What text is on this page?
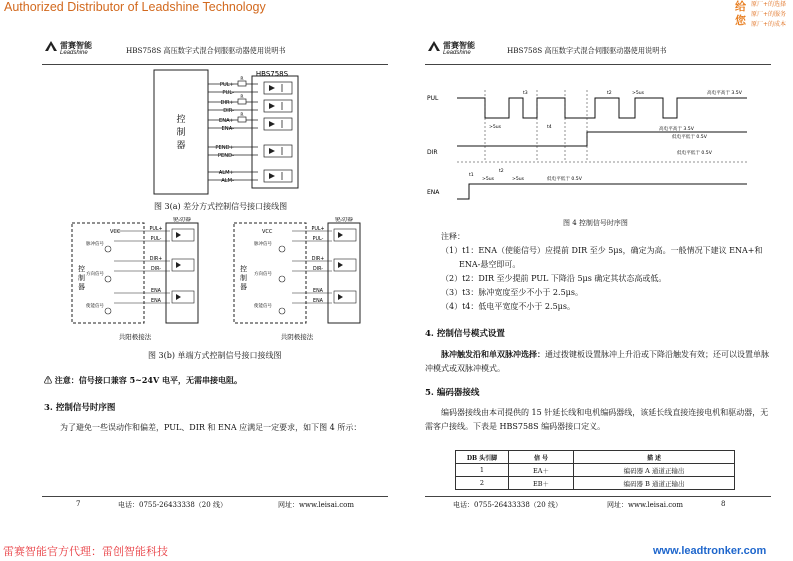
Authorized Distributor of Leadshine Technology	给
您
原厂+的选择
原厂+的服务
原厂+的成本
雷赛智能
Leadshine	HBS758S 高压数字式混合伺服驱动器使用说明书
控制器
HBS758S
PUL+
R
PUL-
DIR+
R
DIR-
ENA+
R
ENA-
PEND+
PEND-
ALM+
ALM-
图 3(a) 差分方式控制信号接口接线图
驱动器
VCC	PUL+
PUL-
DIR+
DIR-
ENA
ENA
脉冲信号
方向信号
使能信号
控制器
共阳极接法
驱动器
VCC	PUL+
PUL-
DIR+
DIR-
ENA
ENA
脉冲信号
方向信号
使能信号
控制器
共阴极接法
图 3(b) 单端方式控制信号接口接线图
⚠ 注意：信号接口兼容 5~24V 电平，无需串接电阻。
3. 控制信号时序图
为了避免一些误动作和偏差，PUL、DIR 和 ENA 应满足一定要求，如下图 4 所示：
7	电话：0755-26433338（20 线）	网址：www.leisai.com
雷赛智能
Leadshine	HBS758S 高压数字式混合伺服驱动器使用说明书
PUL
DIR
ENA
t3	t2	>5us	高电平高于 3.5V
>5us	t4
低电平低于 0.5V
高电平高于 3.5V
t2
>5us
t1
>5us	低电平低于 0.5V
低电平低于 0.5V
图 4 控制信号时序图
注释：
（1）t1：ENA（使能信号）应提前 DIR 至少 5μs，确定为高。一般情况下建议 ENA+和 ENA-悬空即可。
（2）t2：DIR 至少提前 PUL 下降沿 5μs 确定其状态高或低。
（3）t3：脉冲宽度至少不小于 2.5μs。
（4）t4：低电平宽度不小于 2.5μs。
4. 控制信号模式设置
脉冲触发沿和单双脉冲选择：通过拨键板设置脉冲上升沿或下降沿触发有效；还可以设置单脉冲模式或双脉冲模式。
5. 编码器接线
编码器接线由本司提供的 15 针延长线和电机编码器线，该延长线直接连接电机和驱动器，无需客户接线。下表是 HBS758S 编码器接口定义。
DB 头引脚	信 号	描 述
1	EA＋	编码器 A 通道正输出
2	EB＋	编码器 B 通道正输出
电话：0755-26433338（20 线）	网址：www.leisai.com	8
雷赛智能官方代理：雷创智能科技	www.leadtronker.com
